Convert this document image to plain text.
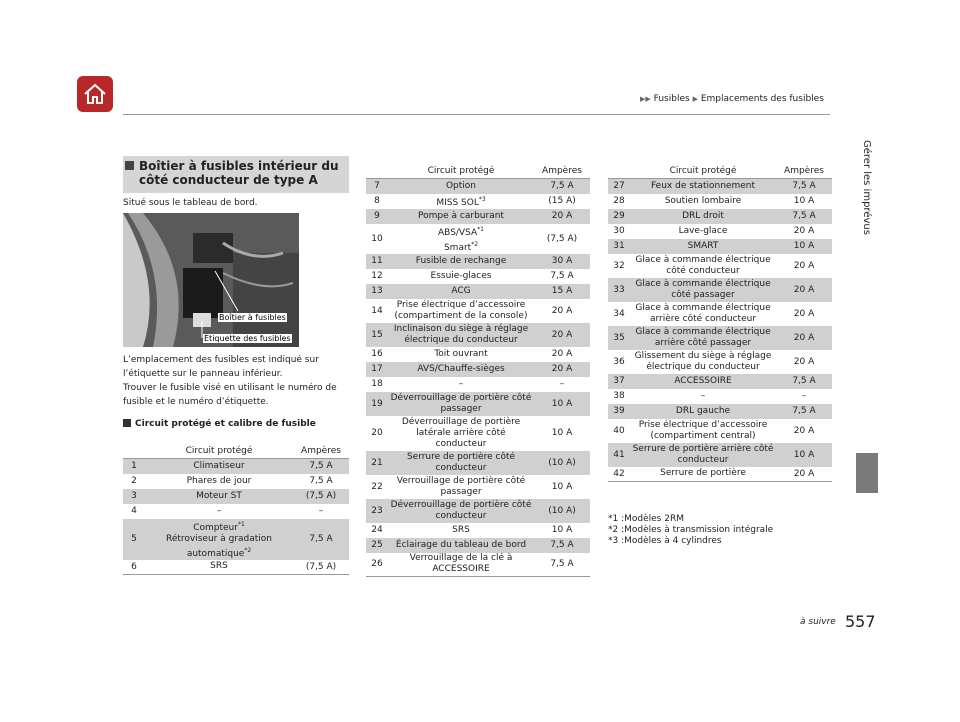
▶▶ Fusibles ▶ Emplacements des fusibles
Gérer les imprévus
Boîtier à fusibles intérieur du
côté conducteur de type A
Situé sous le tableau de bord.
Boîtier à fusibles
Étiquette des fusibles
L’emplacement des fusibles est indiqué sur
l’étiquette sur le panneau inférieur.
Trouver le fusible visé en utilisant le numéro de
fusible et le numéro d’étiquette.
Circuit protégé et calibre de fusible
	Circuit protégé	Ampères
1	Climatiseur	7,5 A
2	Phares de jour	7,5 A
3	Moteur ST	(7,5 A)
4	–	–
5	Compteur$^{*1}$
Rétroviseur à gradation
automatique$^{*2}$	7,5 A
6	SRS	(7,5 A)
	Circuit protégé	Ampères
7	Option	7,5 A
8	MISS SOL$^{*3}$	(15 A)
9	Pompe à carburant	20 A
10	ABS/VSA$^{*1}$
Smart$^{*2}$	(7,5 A)
11	Fusible de rechange	30 A
12	Essuie-glaces	7,5 A
13	ACG	15 A
14	Prise électrique d’accessoire
(compartiment de la console)	20 A
15	Inclinaison du siège à réglage
électrique du conducteur	20 A
16	Toit ouvrant	20 A
17	AVS/Chauffe-sièges	20 A
18	–	–
19	Déverrouillage de portière côté
passager	10 A
20	Déverrouillage de portière
latérale arrière côté
conducteur	10 A
21	Serrure de portière côté
conducteur	(10 A)
22	Verrouillage de portière côté
passager	10 A
23	Déverrouillage de portière côté
conducteur	(10 A)
24	SRS	10 A
25	Éclairage du tableau de bord	7,5 A
26	Verrouillage de la clé à
ACCESSOIRE	7,5 A
	Circuit protégé	Ampères
27	Feux de stationnement	7,5 A
28	Soutien lombaire	10 A
29	DRL droit	7,5 A
30	Lave-glace	20 A
31	SMART	10 A
32	Glace à commande électrique
côté conducteur	20 A
33	Glace à commande électrique
côté passager	20 A
34	Glace à commande électrique
arrière côté conducteur	20 A
35	Glace à commande électrique
arrière côté passager	20 A
36	Glissement du siège à réglage
électrique du conducteur	20 A
37	ACCESSOIRE	7,5 A
38	–	–
39	DRL gauche	7,5 A
40	Prise électrique d’accessoire
(compartiment central)	20 A
41	Serrure de portière arrière côté
conducteur	10 A
42	Serrure de portière	20 A
*1 :Modèles 2RM
*2 :Modèles à transmission intégrale
*3 :Modèles à 4 cylindres
à suivre 557
